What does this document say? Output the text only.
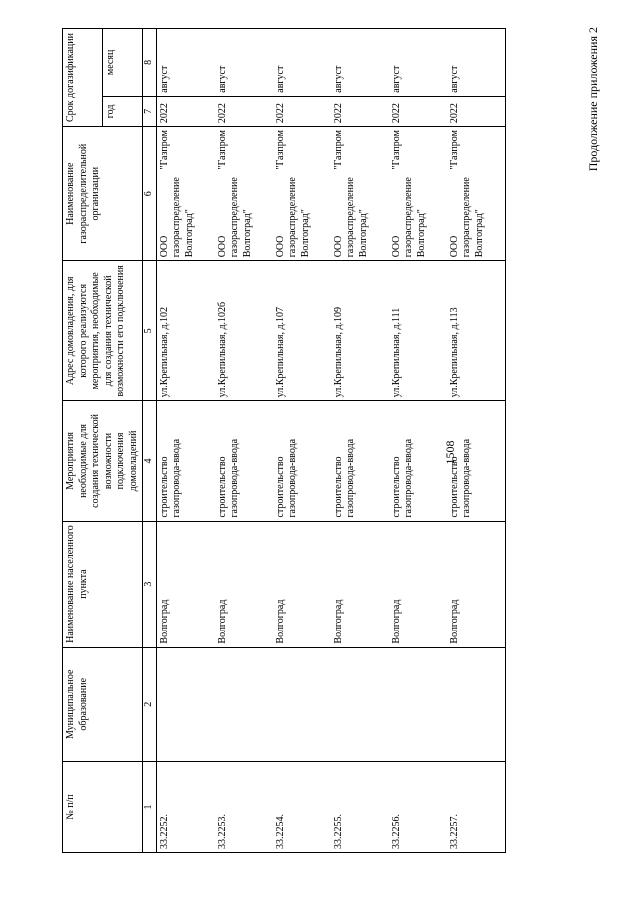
1508
Продолжение приложения 2
№ п/п	Муниципальное образование	Наименование населенного пункта	Мероприятия необходимые для создания технической возможности подключения домовладений	Адрес домовладения, для которого реализуются мероприятия, необходимые для создания технической возможности его подключения	Наименование газораспределительной организации	Срок догазификации	
						год	месяц
1	2	3	4	5	6	7	8
33.2252.		Волгоград	строительство газопровода-ввода	ул.Крепильная, д.102	ООО "Газпром газораспределение Волгоград"	2022	август
33.2253.		Волгоград	строительство газопровода-ввода	ул.Крепильная, д.102б	ООО "Газпром газораспределение Волгоград"	2022	август
33.2254.		Волгоград	строительство газопровода-ввода	ул.Крепильная, д.107	ООО "Газпром газораспределение Волгоград"	2022	август
33.2255.		Волгоград	строительство газопровода-ввода	ул.Крепильная, д.109	ООО "Газпром газораспределение Волгоград"	2022	август
33.2256.		Волгоград	строительство газопровода-ввода	ул.Крепильная, д.111	ООО "Газпром газораспределение Волгоград"	2022	август
33.2257.		Волгоград	строительство газопровода-ввода	ул.Крепильная, д.113	ООО "Газпром газораспределение Волгоград"	2022	август
